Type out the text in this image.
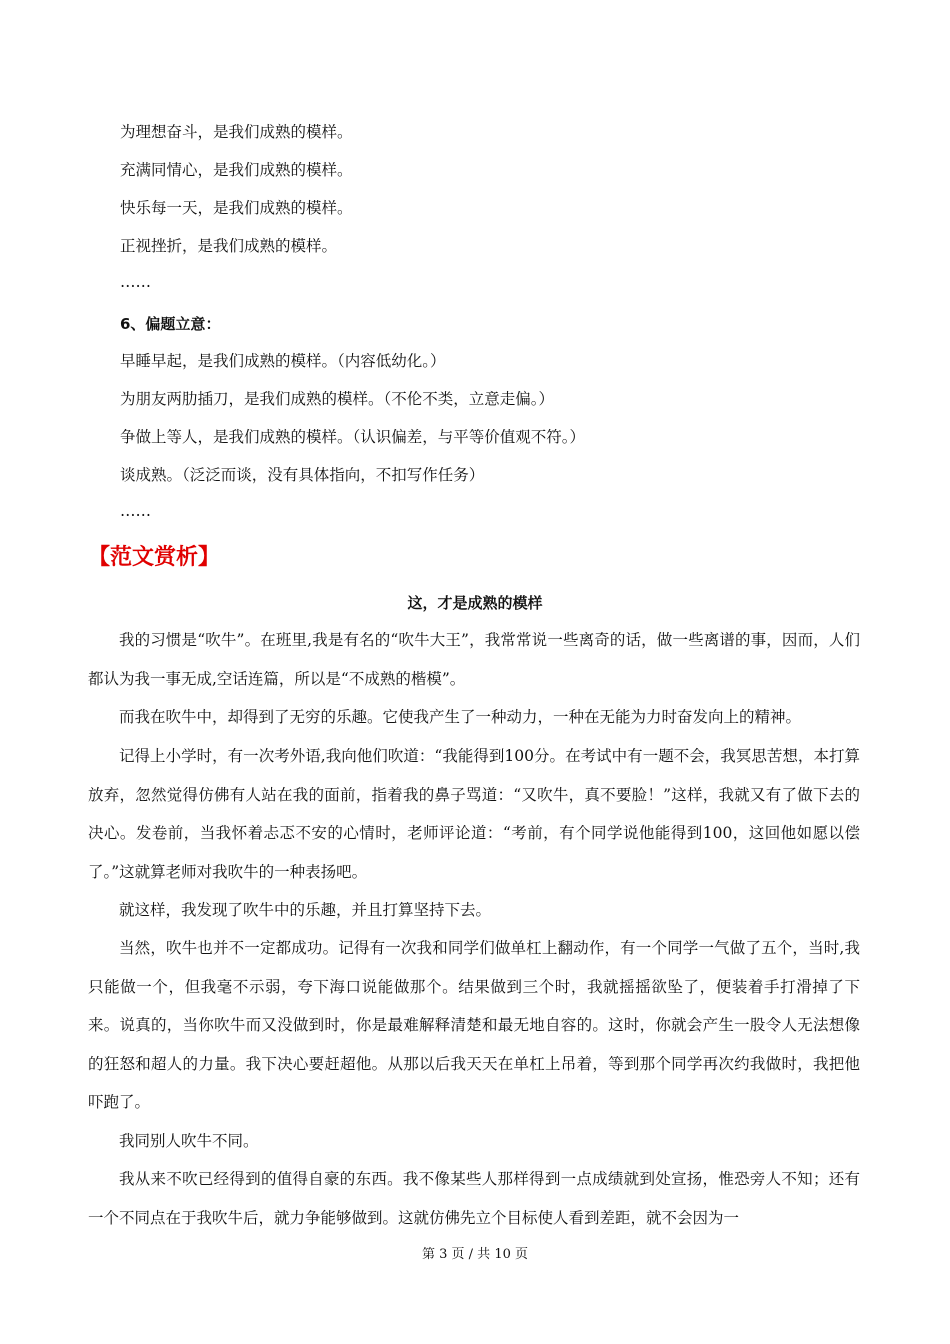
为理想奋斗，是我们成熟的模样。
充满同情心，是我们成熟的模样。
快乐每一天，是我们成熟的模样。
正视挫折，是我们成熟的模样。
……
6、偏题立意：
早睡早起，是我们成熟的模样。（内容低幼化。）
为朋友两肋插刀，是我们成熟的模样。（不伦不类，立意走偏。）
争做上等人，是我们成熟的模样。（认识偏差，与平等价值观不符。）
谈成熟。（泛泛而谈，没有具体指向，不扣写作任务）
……
【范文赏析】
这，才是成熟的模样

我的习惯是“吹牛”。在班里,我是有名的“吹牛大王”，我常常说一些离奇的话，做一些离谱的事，因而，人们都认为我一事无成,空话连篇，所以是“不成熟的楷模”。

而我在吹牛中，却得到了无穷的乐趣。它使我产生了一种动力，一种在无能为力时奋发向上的精神。

记得上小学时，有一次考外语,我向他们吹道：“我能得到100分。在考试中有一题不会，我冥思苦想，本打算放弃，忽然觉得仿佛有人站在我的面前，指着我的鼻子骂道：“又吹牛，真不要脸！”这样，我就又有了做下去的决心。发卷前，当我怀着忐忑不安的心情时，老师评论道：“考前，有个同学说他能得到100，这回他如愿以偿了。”这就算老师对我吹牛的一种表扬吧。

就这样，我发现了吹牛中的乐趣，并且打算坚持下去。

当然，吹牛也并不一定都成功。记得有一次我和同学们做单杠上翻动作，有一个同学一气做了五个，当时,我只能做一个，但我毫不示弱，夸下海口说能做那个。结果做到三个时，我就摇摇欲坠了，便装着手打滑掉了下来。说真的，当你吹牛而又没做到时，你是最难解释清楚和最无地自容的。这时，你就会产生一股令人无法想像的狂怒和超人的力量。我下决心要赶超他。从那以后我天天在单杠上吊着，等到那个同学再次约我做时，我把他吓跑了。

我同别人吹牛不同。

我从来不吹已经得到的值得自豪的东西。我不像某些人那样得到一点成绩就到处宣扬，惟恐旁人不知；还有一个不同点在于我吹牛后，就力争能够做到。这就仿佛先立个目标使人看到差距，就不会因为一

第 3 页 / 共 10 页
